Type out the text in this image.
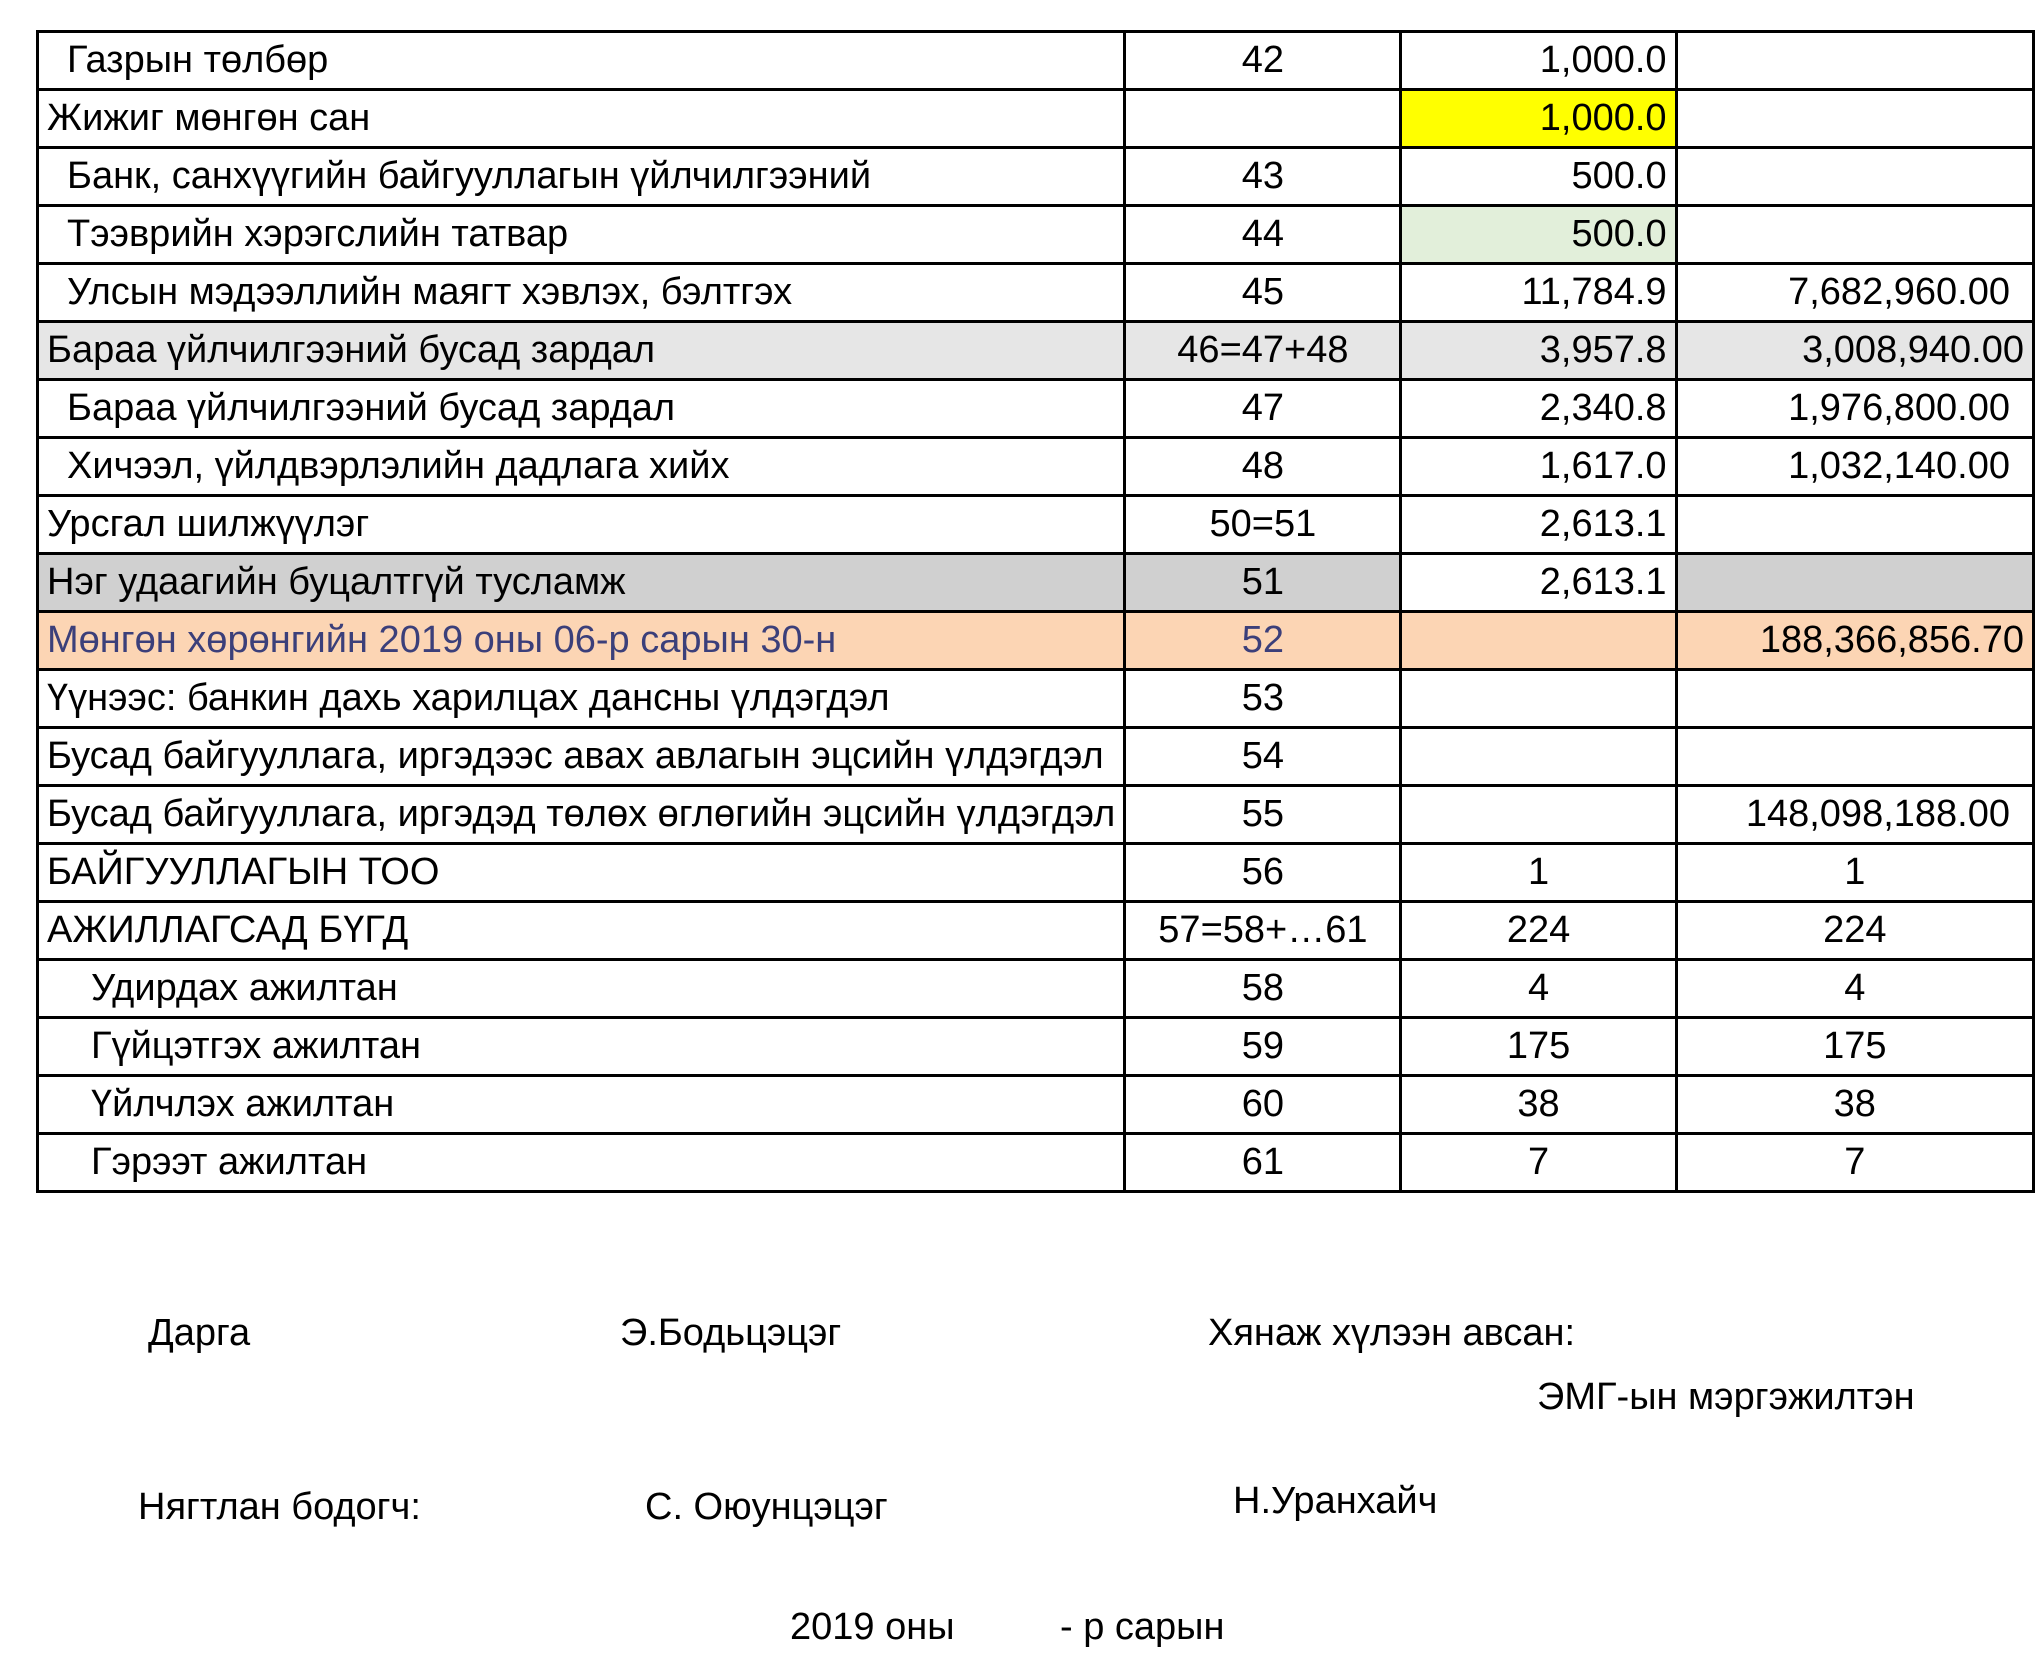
Газрын төлбөр	42	1,000.0	
Жижиг мөнгөн сан		1,000.0	
Банк, санхүүгийн байгууллагын үйлчилгээний	43	500.0	
Тээврийн хэрэгслийн татвар	44	500.0	
Улсын мэдээллийн маягт хэвлэх, бэлтгэх	45	11,784.9	7,682,960.00
Бараа үйлчилгээний бусад зардал	46=47+48	3,957.8	3,008,940.00
Бараа үйлчилгээний бусад зардал	47	2,340.8	1,976,800.00
Хичээл, үйлдвэрлэлийн дадлага хийх	48	1,617.0	1,032,140.00
Урсгал шилжүүлэг	50=51	2,613.1	
Нэг удаагийн буцалтгүй тусламж	51	2,613.1	
Мөнгөн хөрөнгийн 2019 оны 06-р сарын 30-н	52		188,366,856.70
Үүнээс: банкин дахь харилцах дансны үлдэгдэл	53		
Бусад байгууллага, иргэдээс авах авлагын эцсийн үлдэгдэл	54		
Бусад байгууллага, иргэдэд төлөх өглөгийн эцсийн үлдэгдэл	55		148,098,188.00
БАЙГУУЛЛАГЫН ТОО	56	1	1
АЖИЛЛАГСАД БҮГД	57=58+…61	224	224
Удирдах ажилтан	58	4	4
Гүйцэтгэх ажилтан	59	175	175
Үйлчлэх ажилтан	60	38	38
Гэрээт ажилтан	61	7	7
Дарга	Э.Бодьцэцэг	Хянаж хүлээн авсан:
ЭМГ-ын мэргэжилтэн
Нягтлан бодогч:	С. Оюунцэцэг	Н.Уранхайч
2019 оны	- р сарын
